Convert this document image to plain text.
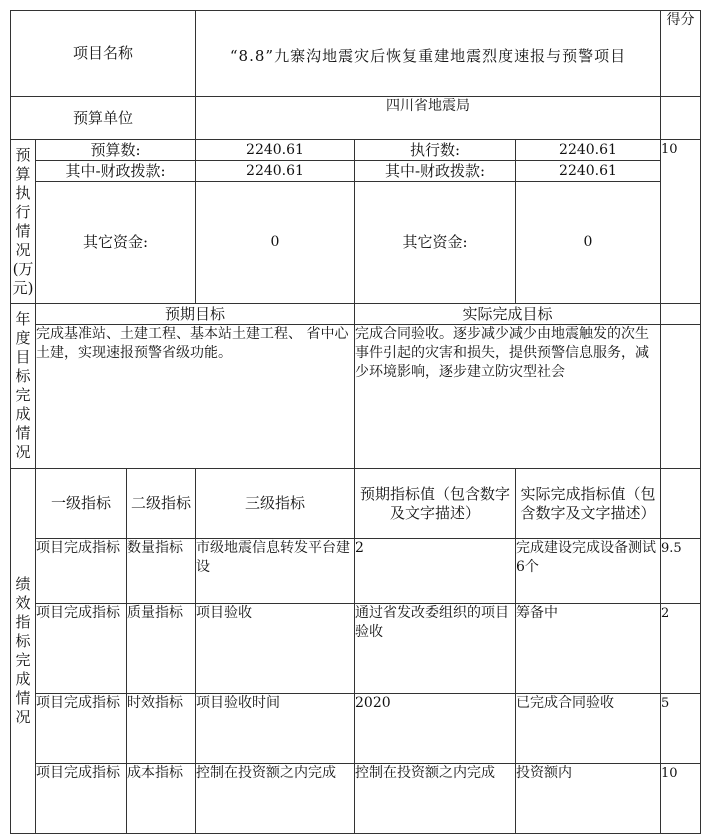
项目名称			“8.8”九寨沟地震灾后恢复重建地震烈度速报与预警项目			得分
预算单位			四川省地震局			
预算执行情况(万元)	预算数:		2240.61	执行数:	2240.61	10
	其中-财政拨款:		2240.61	其中-财政拨款:	2240.61	
	其它资金:		0	其它资金:	0	
年度目标完成情况	预期目标			实际完成目标		
	完成基准站、土建工程、基本站土建工程、 省中心土建，实现速报预警省级功能。			完成合同验收。逐步减少减少由地震触发的次生事件引起的灾害和损失，提供预警信息服务，减少环境影响，逐步建立防灾型社会		
绩效指标完成情况	一级指标	二级指标	三级指标	预期指标值（包含数字及文字描述）	实际完成指标值（包含数字及文字描述）	
	项目完成指标	数量指标	市级地震信息转发平台建设	2	完成建设完成设备测试6个	9.5
	项目完成指标	质量指标	项目验收	通过省发改委组织的项目验收	筹备中	2
	项目完成指标	时效指标	项目验收时间	2020	已完成合同验收	5
	项目完成指标	成本指标	控制在投资额之内完成	控制在投资额之内完成	投资额内	10
